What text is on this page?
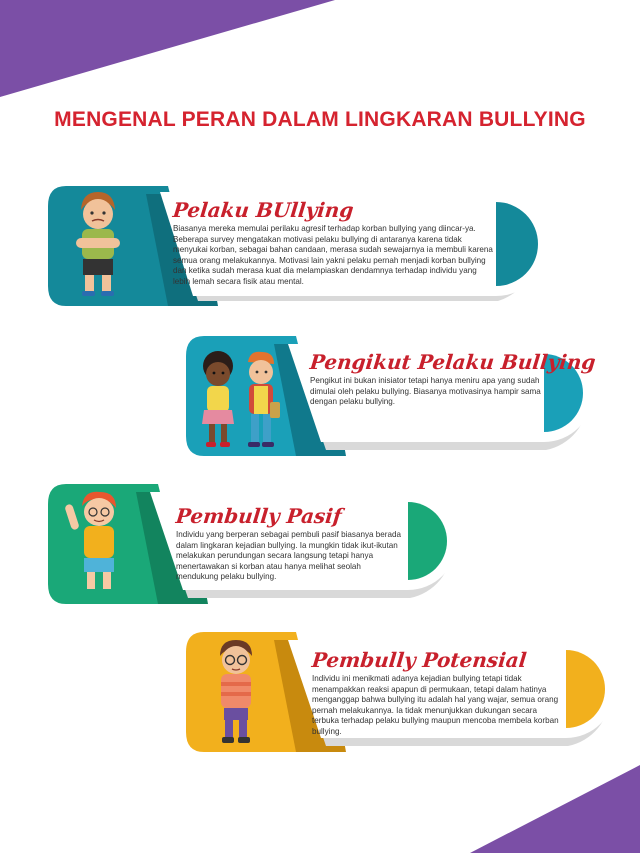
MENGENAL PERAN DALAM LINGKARAN BULLYING
Pelaku BUllying
Biasanya mereka memulai perilaku agresif terhadap korban bullying yang diincar-ya. Beberapa survey mengatakan motivasi pelaku bullying di antaranya karena tidak menyukai korban, sebagai bahan candaan, merasa sudah sewajarnya ia membuli karena semua orang melakukannya. Motivasi lain yakni pelaku pernah menjadi korban bullying dan ketika sudah merasa kuat dia melampiaskan dendamnya terhadap individu yang lebih lemah secara fisik atau mental.
Pengikut Pelaku Bullying
Pengikut ini bukan inisiator tetapi hanya meniru apa yang sudah dimulai oleh pelaku bullying. Biasanya motivasinya hampir sama dengan pelaku bullying.
Pembully Pasif
Individu yang berperan sebagai pembuli pasif biasanya berada dalam lingkaran kejadian bullying. Ia mungkin tidak ikut-ikutan melakukan perundungan secara langsung tetapi hanya menertawakan si korban atau hanya melihat seolah mendukung pelaku bullying.
Pembully Potensial
Individu ini menikmati adanya kejadian bullying tetapi tidak menampakkan reaksi apapun di permukaan, tetapi dalam hatinya menganggap bahwa bullying itu adalah hal yang wajar, semua orang pernah melakukannya. Ia tidak menunjukkan dukungan secara terbuka terhadap pelaku bullying maupun mencoba membela korban bullying.
